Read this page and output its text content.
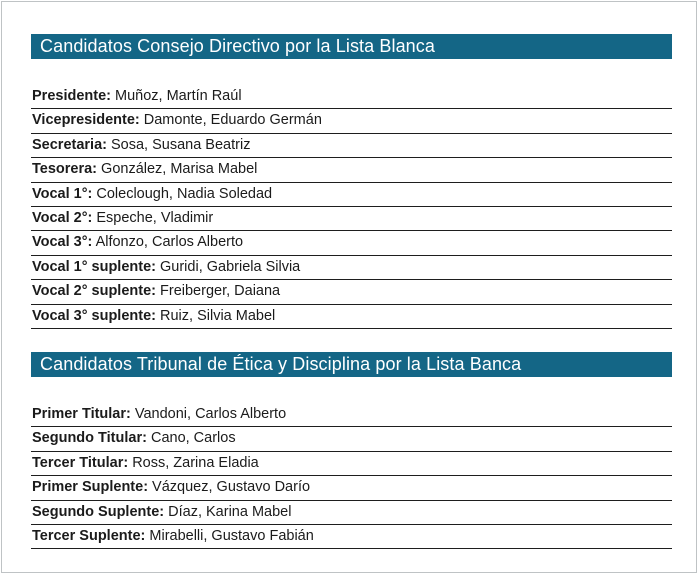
Candidatos Consejo Directivo por la Lista Blanca
Presidente: Muñoz, Martín Raúl
Vicepresidente: Damonte, Eduardo Germán
Secretaria: Sosa, Susana Beatriz
Tesorera: González, Marisa Mabel
Vocal 1°: Coleclough, Nadia Soledad
Vocal 2°: Espeche, Vladimir
Vocal 3°: Alfonzo, Carlos Alberto
Vocal 1° suplente: Guridi, Gabriela Silvia
Vocal 2° suplente: Freiberger, Daiana
Vocal 3° suplente: Ruiz, Silvia Mabel
Candidatos Tribunal de Ética y Disciplina por la Lista Banca
Primer Titular: Vandoni, Carlos Alberto
Segundo Titular: Cano, Carlos
Tercer Titular: Ross, Zarina Eladia
Primer Suplente: Vázquez, Gustavo Darío
Segundo Suplente: Díaz, Karina Mabel
Tercer Suplente: Mirabelli, Gustavo Fabián
